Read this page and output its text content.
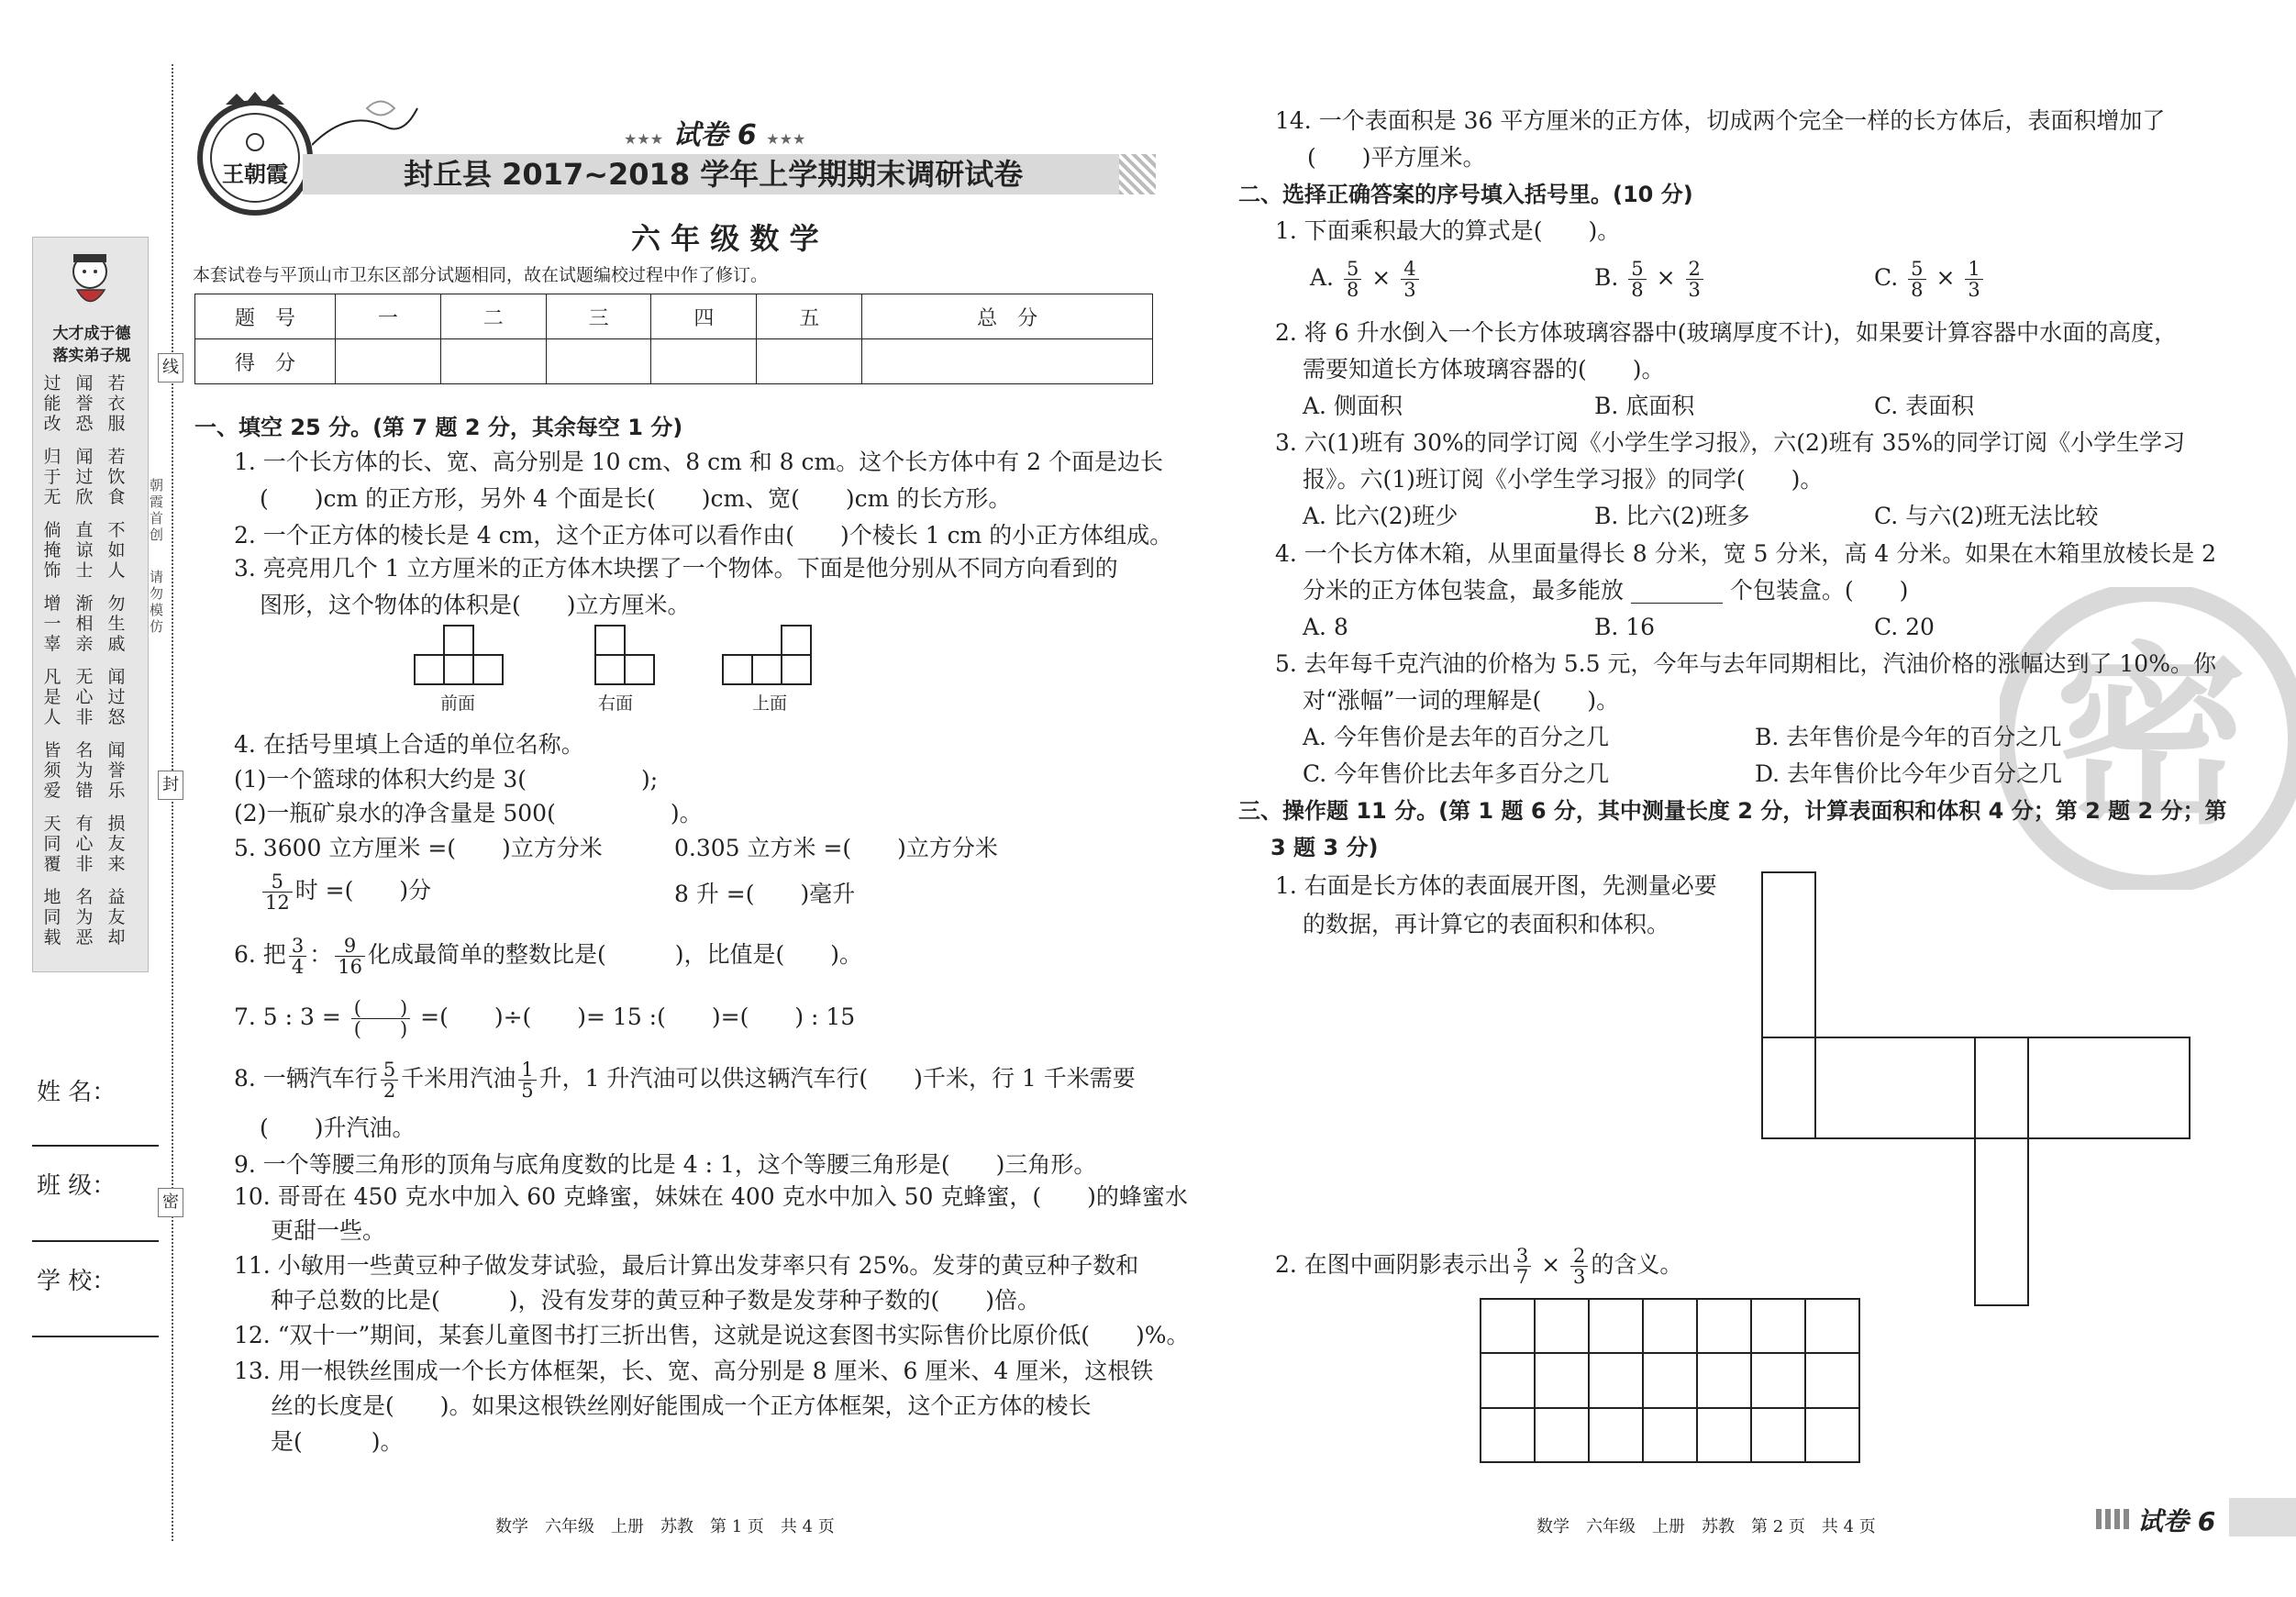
线
封
密
朝霞首创
请勿模仿
大才成于德
落实弟子规
过能改
闻誉恐
若衣服
归于无
闻过欣
若饮食
倘掩饰
直谅士
不如人
增一辜
渐相亲
勿生戚
凡是人
无心非
闻过怒
皆须爱
名为错
闻誉乐
天同覆
有心非
损友来
地同载
名为恶
益友却
姓 名：
班 级：
学 校：
王朝霞
★★★ 试卷 6 ★★★
封丘县 2017~2018 学年上学期期末调研试卷
六 年 级 数 学
本套试卷与平顶山市卫东区部分试题相同，故在试题编校过程中作了修订。
题　号	一	二	三	四	五	总　分
得　分						
一、填空 25 分。(第 7 题 2 分，其余每空 1 分)
1. 一个长方体的长、宽、高分别是 10 cm、8 cm 和 8 cm。这个长方体中有 2 个面是边长
(　　)cm 的正方形，另外 4 个面是长(　　)cm、宽(　　)cm 的长方形。
2. 一个正方体的棱长是 4 cm，这个正方体可以看作由(　　)个棱长 1 cm 的小正方体组成。
3. 亮亮用几个 1 立方厘米的正方体木块摆了一个物体。下面是他分别从不同方向看到的
图形，这个物体的体积是(　　)立方厘米。
前面	右面	上面
4. 在括号里填上合适的单位名称。
(1)一个篮球的体积大约是 3(　　　　　);
(2)一瓶矿泉水的净含量是 500(　　　　　)。
5. 3600 立方厘米 =(　　)立方分米	0.305 立方米 =(　　)立方分米
$\frac{5}{12}$ 时 =(　　)分	8 升 =(　　)毫升
6. 把 $\frac{3}{4}$ ： $\frac{9}{16}$ 化成最简单的整数比是(　　　)，比值是(　　)。
7. 5 : $3 = \frac{( )}{( )}$ =(　　)÷(　　)= 15 :(　　)=(　　) : 15
8. 一辆汽车行 $\frac{5}{2}$ 千米用汽油 $\frac{1}{5}$ 升，1 升汽油可以供这辆汽车行(　　)千米，行 1 千米需要
(　　)升汽油。
9. 一个等腰三角形的顶角与底角度数的比是 4 : 1，这个等腰三角形是(　　)三角形。
10. 哥哥在 450 克水中加入 60 克蜂蜜，妹妹在 400 克水中加入 50 克蜂蜜，(　　)的蜂蜜水
更甜一些。
11. 小敏用一些黄豆种子做发芽试验，最后计算出发芽率只有 25%。发芽的黄豆种子数和
种子总数的比是(　　　)，没有发芽的黄豆种子数是发芽种子数的(　　)倍。
12. “双十一”期间，某套儿童图书打三折出售，这就是说这套图书实际售价比原价低(　　)%。
13. 用一根铁丝围成一个长方体框架，长、宽、高分别是 8 厘米、6 厘米、4 厘米，这根铁
丝的长度是(　　)。如果这根铁丝刚好能围成一个正方体框架，这个正方体的棱长
是(　　　)。
14. 一个表面积是 36 平方厘米的正方体，切成两个完全一样的长方体后，表面积增加了
(　　)平方厘米。
二、选择正确答案的序号填入括号里。(10 分)
1. 下面乘积最大的算式是(　　)。
A. $\frac{5}{8} \times \frac{4}{3}$	B. $\frac{5}{8} \times \frac{2}{3}$	C. $\frac{5}{8} \times \frac{1}{3}$
2. 将 6 升水倒入一个长方体玻璃容器中(玻璃厚度不计)，如果要计算容器中水面的高度，
需要知道长方体玻璃容器的(　　)。
A. 侧面积	B. 底面积	C. 表面积
3. 六(1)班有 30%的同学订阅《小学生学习报》，六(2)班有 35%的同学订阅《小学生学习
报》。六(1)班订阅《小学生学习报》的同学(　　)。
A. 比六(2)班少	B. 比六(2)班多	C. 与六(2)班无法比较
4. 一个长方体木箱，从里面量得长 8 分米，宽 5 分米，高 4 分米。如果在木箱里放棱长是 2
分米的正方体包装盒，最多能放 ________ 个包装盒。(　　)
A. 8	B. 16	C. 20
5. 去年每千克汽油的价格为 5.5 元，今年与去年同期相比，汽油价格的涨幅达到了 10%。你
对“涨幅”一词的理解是(　　)。
A. 今年售价是去年的百分之几	B. 去年售价是今年的百分之几
C. 今年售价比去年多百分之几	D. 去年售价比今年少百分之几
三、操作题 11 分。(第 1 题 6 分，其中测量长度 2 分，计算表面积和体积 4 分；第 2 题 2 分；第
3 题 3 分)
1. 右面是长方体的表面展开图，先测量必要
的数据，再计算它的表面积和体积。
2. 在图中画阴影表示出 $\frac{3}{7} \times \frac{2}{3}$ 的含义。
密
数学　六年级　上册　苏教　第 1 页　共 4 页	数学　六年级　上册　苏教　第 2 页　共 4 页	试卷 6
